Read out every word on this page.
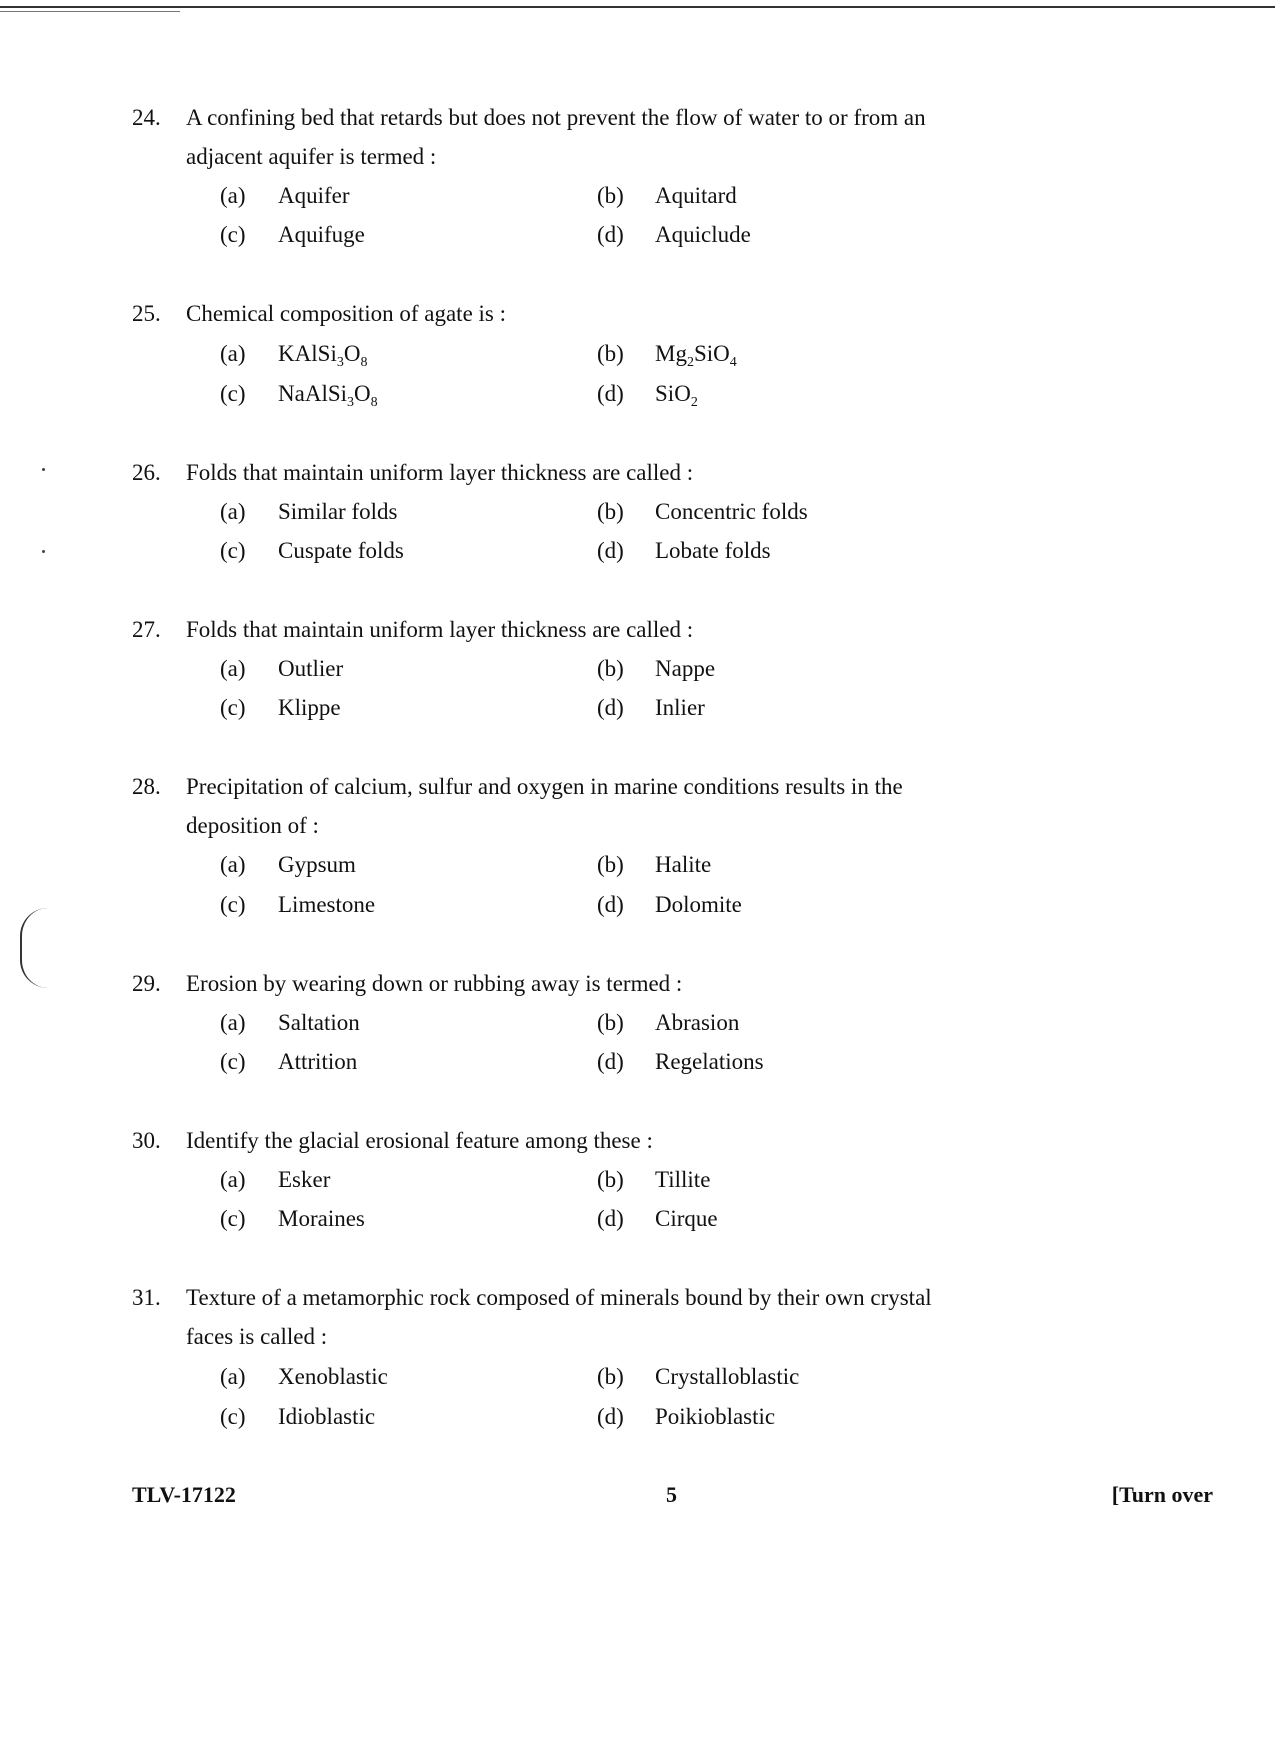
24. A confining bed that retards but does not prevent the flow of water to or from an adjacent aquifer is termed :
(a) Aquifer	(b) Aquitard
(c) Aquifuge	(d) Aquiclude
25. Chemical composition of agate is :
(a) $KAlSi_3O_8$	(b) $Mg_2SiO_4$
(c) $NaAlSi_3O_8$	(d) SiO$_2$
26. Folds that maintain uniform layer thickness are called :
(a) Similar folds	(b) Concentric folds
(c) Cuspate folds	(d) Lobate folds
27. Folds that maintain uniform layer thickness are called :
(a) Outlier	(b) Nappe
(c) Klippe	(d) Inlier
28. Precipitation of calcium, sulfur and oxygen in marine conditions results in the deposition of :
(a) Gypsum	(b) Halite
(c) Limestone	(d) Dolomite
29. Erosion by wearing down or rubbing away is termed :
(a) Saltation	(b) Abrasion
(c) Attrition	(d) Regelations
30. Identify the glacial erosional feature among these :
(a) Esker	(b) Tillite
(c) Moraines	(d) Cirque
31. Texture of a metamorphic rock composed of minerals bound by their own crystal faces is called :
(a) Xenoblastic	(b) Crystalloblastic
(c) Idioblastic	(d) Poikioblastic
TLV-17122	5	[Turn over
